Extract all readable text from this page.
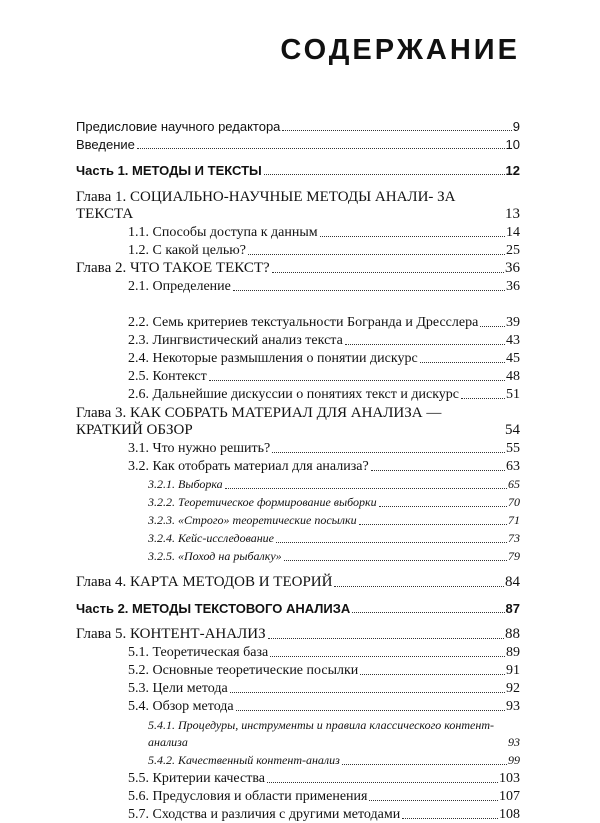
СОДЕРЖАНИЕ
Предисловие научного редактора	9
Введение	10
Часть 1. МЕТОДЫ И ТЕКСТЫ	12
Глава 1. СОЦИАЛЬНО-НАУЧНЫЕ МЕТОДЫ АНАЛИ- ЗА ТЕКСТА	13
1.1. Способы доступа к данным	14
1.2. С какой целью?	25
Глава 2. ЧТО ТАКОЕ ТЕКСТ?	36
2.1. Определение	36
2.2. Семь критериев текстуальности Богранда и Дресслера 39
2.3. Лингвистический анализ текста	43
2.4. Некоторые размышления о понятии дискурс	45
2.5. Контекст	48
2.6. Дальнейшие дискуссии о понятиях текст и дискурс	51
Глава 3. КАК СОБРАТЬ МАТЕРИАЛ ДЛЯ АНАЛИЗА — КРАТКИЙ ОБЗОР	54
3.1. Что нужно решить?	55
3.2. Как отобрать материал для анализа?	63
3.2.1. Выборка	65
3.2.2. Теоретическое формирование выборки	70
3.2.3. «Строго» теоретические посылки	71
3.2.4. Кейс-исследование	73
3.2.5. «Поход на рыбалку»	79
Глава 4. КАРТА МЕТОДОВ И ТЕОРИЙ	84
Часть 2. МЕТОДЫ ТЕКСТОВОГО АНАЛИЗА	87
Глава 5. КОНТЕНТ-АНАЛИЗ	88
5.1. Теоретическая база	89
5.2. Основные теоретические посылки	91
5.3. Цели метода	92
5.4. Обзор метода	93
5.4.1. Процедуры, инструменты и правила классического контент-анализа	93
5.4.2. Качественный контент-анализ	99
5.5. Критерии качества	103
5.6. Предусловия и области применения	107
5.7. Сходства и различия с другими методами	108
